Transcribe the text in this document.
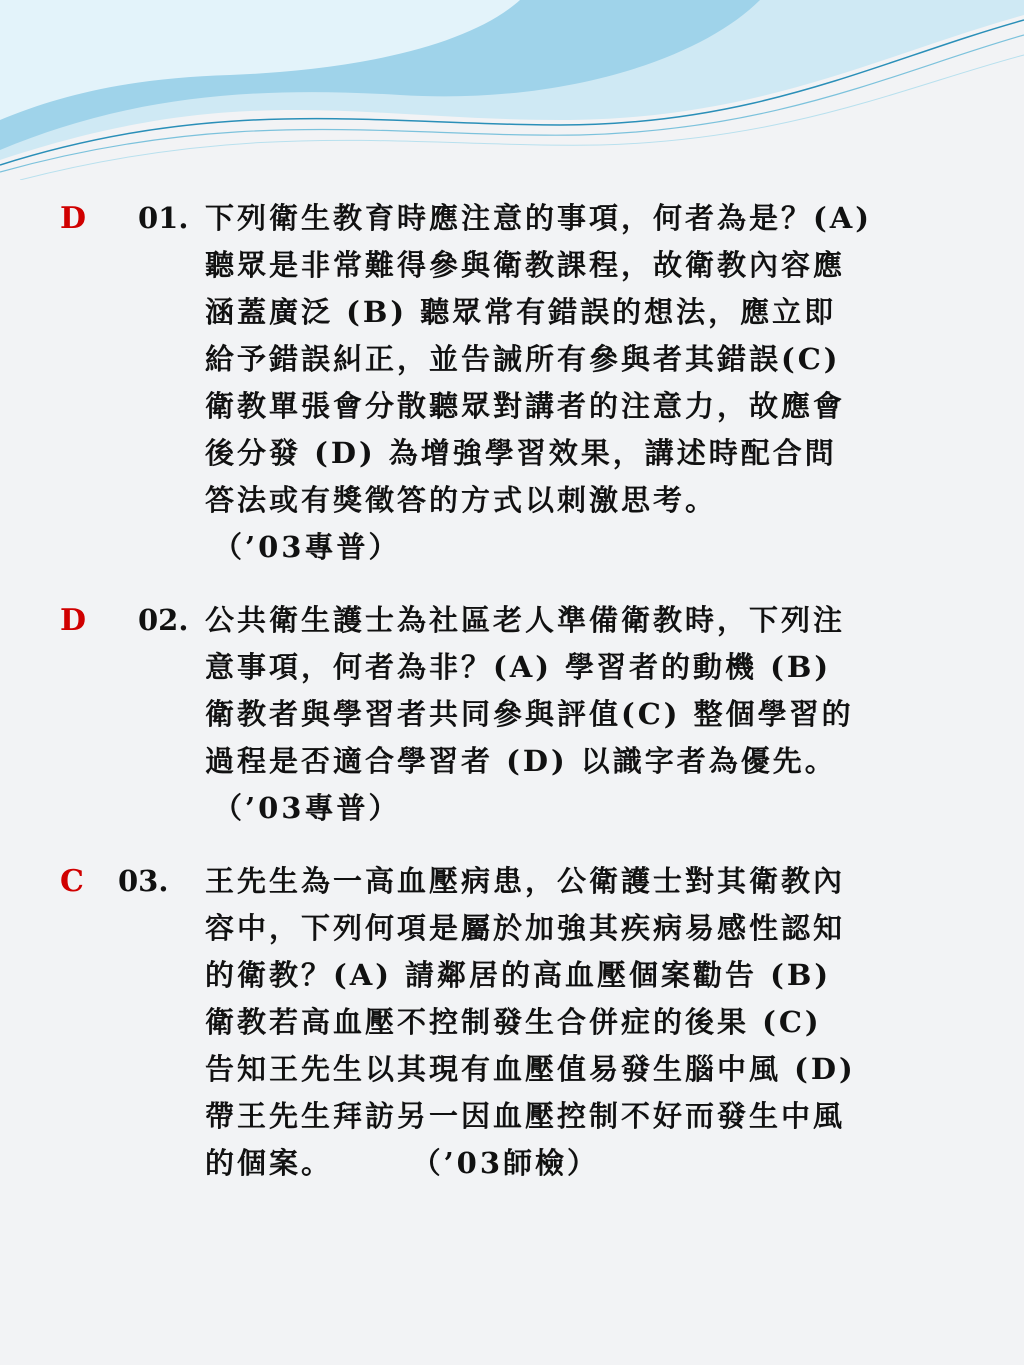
D 01. 下列衛生教育時應注意的事項，何者為是？(A)
聽眾是非常難得參與衛教課程，故衛教內容應
涵蓋廣泛 (B) 聽眾常有錯誤的想法，應立即
給予錯誤糾正，並告誡所有參與者其錯誤(C)
衛教單張會分散聽眾對講者的注意力，故應會
後分發 (D) 為增強學習效果，講述時配合問
答法或有獎徵答的方式以刺激思考。
（’03專普）
D 02. 公共衛生護士為社區老人準備衛教時，下列注
意事項，何者為非？(A) 學習者的動機 (B)
衛教者與學習者共同參與評值(C) 整個學習的
過程是否適合學習者 (D) 以識字者為優先。
（’03專普）
C 03. 王先生為一高血壓病患，公衛護士對其衛教內
容中，下列何項是屬於加強其疾病易感性認知
的衛教？(A) 請鄰居的高血壓個案勸告 (B)
衛教若高血壓不控制發生合併症的後果 (C)
告知王先生以其現有血壓值易發生腦中風 (D)
帶王先生拜訪另一因血壓控制不好而發生中風
的個案。      （’03師檢）
